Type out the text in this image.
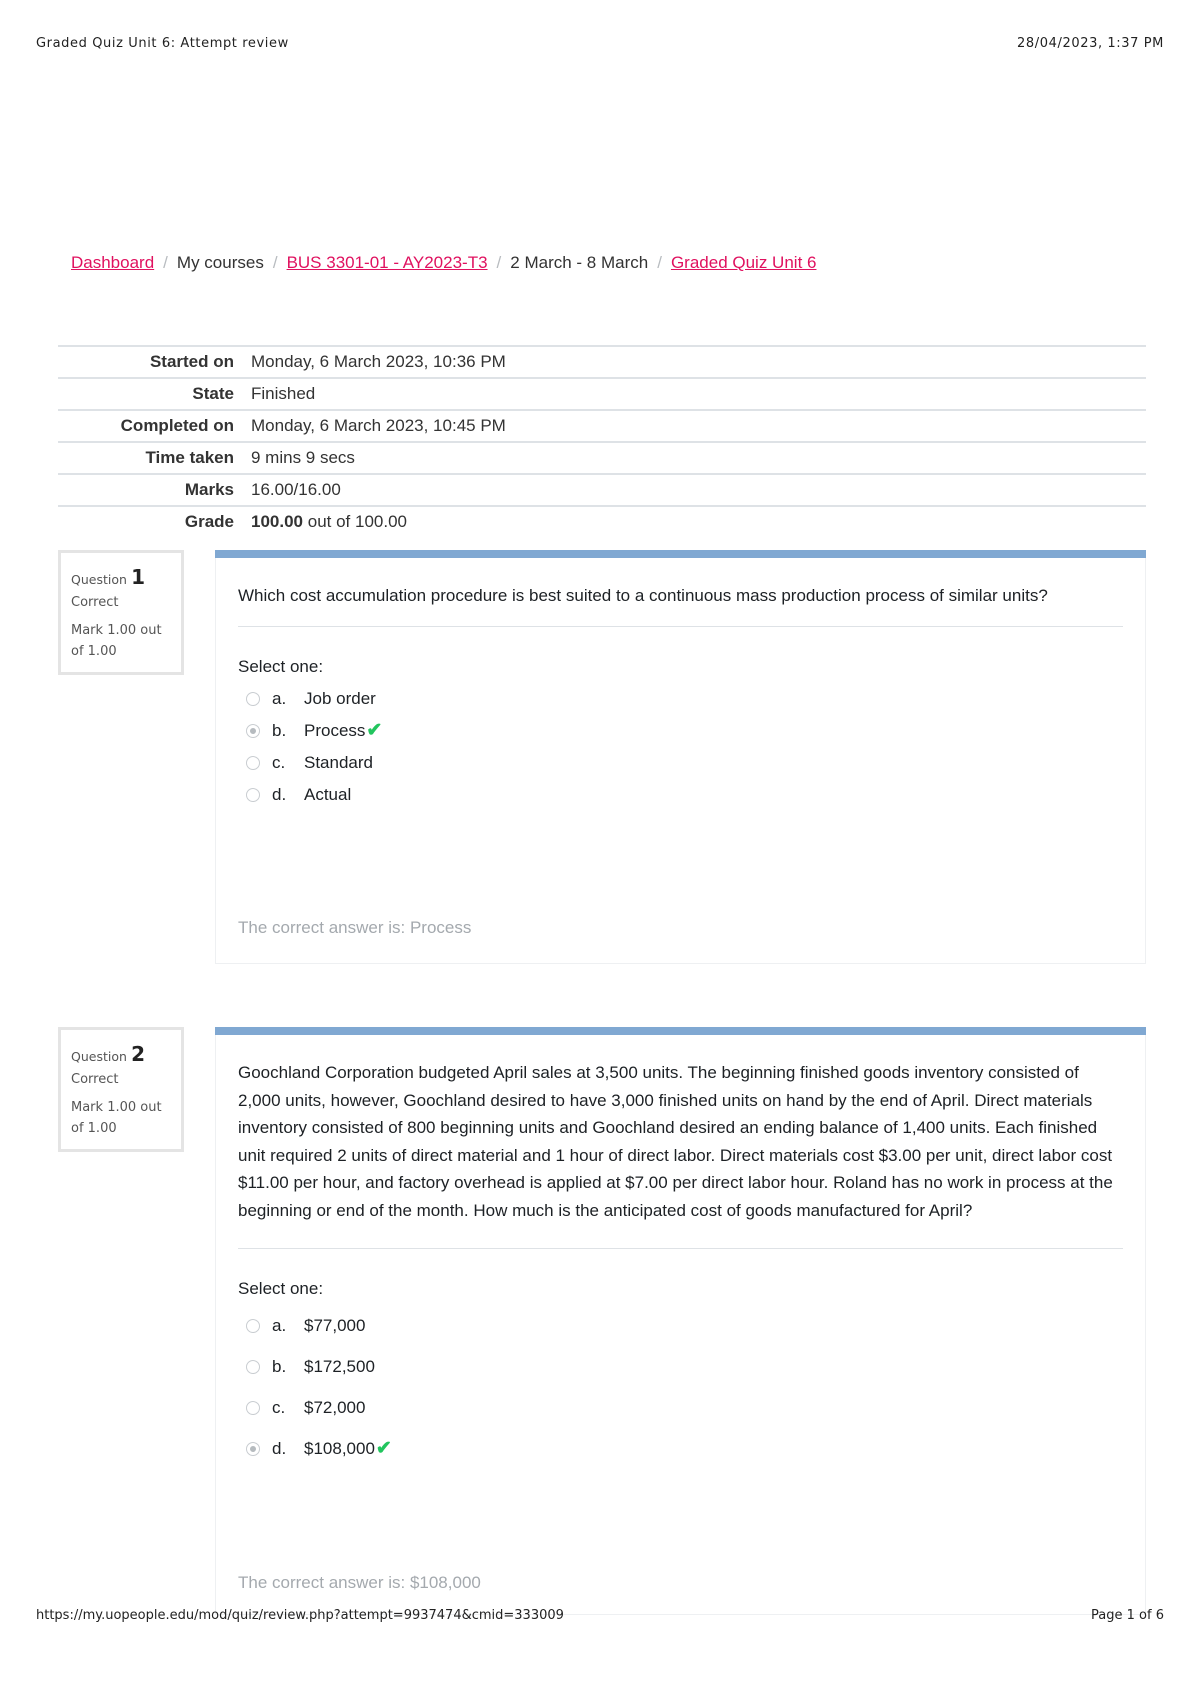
Graded Quiz Unit 6: Attempt review	28/04/2023, 1:37 PM
Dashboard / My courses / BUS 3301-01 - AY2023-T3 / 2 March - 8 March / Graded Quiz Unit 6
Started on	Monday, 6 March 2023, 10:36 PM
State	Finished
Completed on	Monday, 6 March 2023, 10:45 PM
Time taken	9 mins 9 secs
Marks	16.00/16.00
Grade	100.00 out of 100.00
Question 1
Correct
Mark 1.00 out of 1.00

Which cost accumulation procedure is best suited to a continuous mass production process of similar units?

Select one:
a.	Job order
b.	Process ✔
c.	Standard
d.	Actual
The correct answer is: Process
Question 2
Correct
Mark 1.00 out of 1.00

Goochland Corporation budgeted April sales at 3,500 units. The beginning finished goods inventory consisted of 2,000 units, however, Goochland desired to have 3,000 finished units on hand by the end of April. Direct materials inventory consisted of 800 beginning units and Goochland desired an ending balance of 1,400 units. Each finished unit required 2 units of direct material and 1 hour of direct labor. Direct materials cost $3.00 per unit, direct labor cost $11.00 per hour, and factory overhead is applied at $7.00 per direct labor hour. Roland has no work in process at the beginning or end of the month. How much is the anticipated cost of goods manufactured for April?

Select one:
a.	$77,000
b.	$172,500
c.	$72,000
d.	$108,000 ✔
The correct answer is: $108,000
https://my.uopeople.edu/mod/quiz/review.php?attempt=9937474&cmid=333009	Page 1 of 6
